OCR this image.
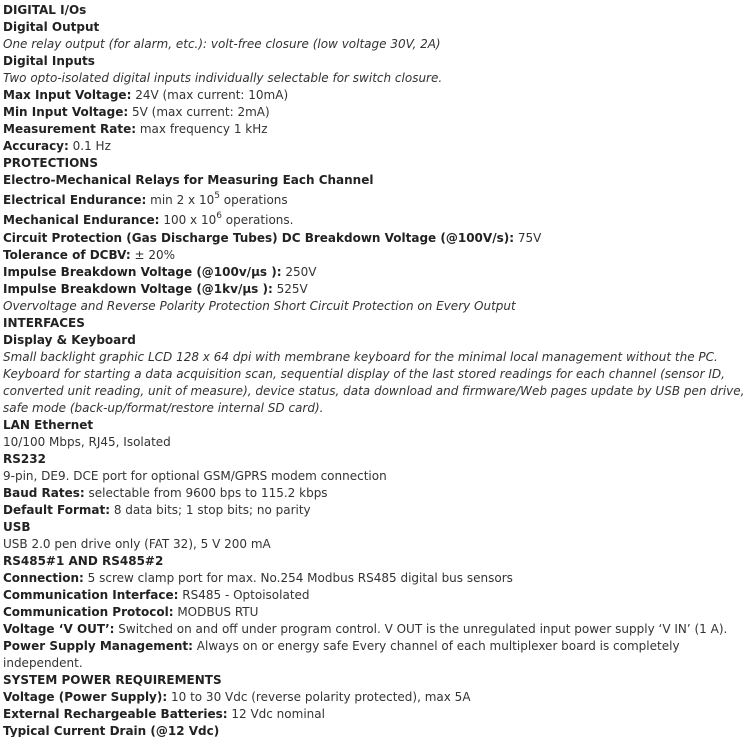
DIGITAL I/Os
Digital Output
One relay output (for alarm, etc.): volt-free closure (low voltage 30V, 2A)
Digital Inputs
Two opto-isolated digital inputs individually selectable for switch closure.
Max Input Voltage: 24V (max current: 10mA)
Min Input Voltage: 5V (max current: 2mA)
Measurement Rate: max frequency 1 kHz
Accuracy: 0.1 Hz
PROTECTIONS
Electro-Mechanical Relays for Measuring Each Channel
Electrical Endurance: min 2 x $10^5$ operations
Mechanical Endurance: 100 x $10^6$ operations.
Circuit Protection (Gas Discharge Tubes) DC Breakdown Voltage (@100V/s): 75V
Tolerance of DCBV: ± 20%
Impulse Breakdown Voltage (@100v/μs ): 250V
Impulse Breakdown Voltage (@1kv/μs ): 525V
Overvoltage and Reverse Polarity Protection Short Circuit Protection on Every Output
INTERFACES
Display & Keyboard
Small backlight graphic LCD 128 x 64 dpi with membrane keyboard for the minimal local management without the PC.
Keyboard for starting a data acquisition scan, sequential display of the last stored readings for each channel (sensor ID,
converted unit reading, unit of measure), device status, data download and firmware/Web pages update by USB pen drive,
safe mode (back-up/format/restore internal SD card).
LAN Ethernet
10/100 Mbps, RJ45, Isolated
RS232
9-pin, DE9. DCE port for optional GSM/GPRS modem connection
Baud Rates: selectable from 9600 bps to 115.2 kbps
Default Format: 8 data bits; 1 stop bits; no parity
USB
USB 2.0 pen drive only (FAT 32), 5 V 200 mA
RS485#1 AND RS485#2
Connection: 5 screw clamp port for max. No.254 Modbus RS485 digital bus sensors
Communication Interface: RS485 - Optoisolated
Communication Protocol: MODBUS RTU
Voltage ‘V OUT’: Switched on and off under program control. V OUT is the unregulated input power supply ‘V IN’ (1 A).
Power Supply Management: Always on or energy safe Every channel of each multiplexer board is completely
independent.
SYSTEM POWER REQUIREMENTS
Voltage (Power Supply): 10 to 30 Vdc (reverse polarity protected), max 5A
External Rechargeable Batteries: 12 Vdc nominal
Typical Current Drain (@12 Vdc)
